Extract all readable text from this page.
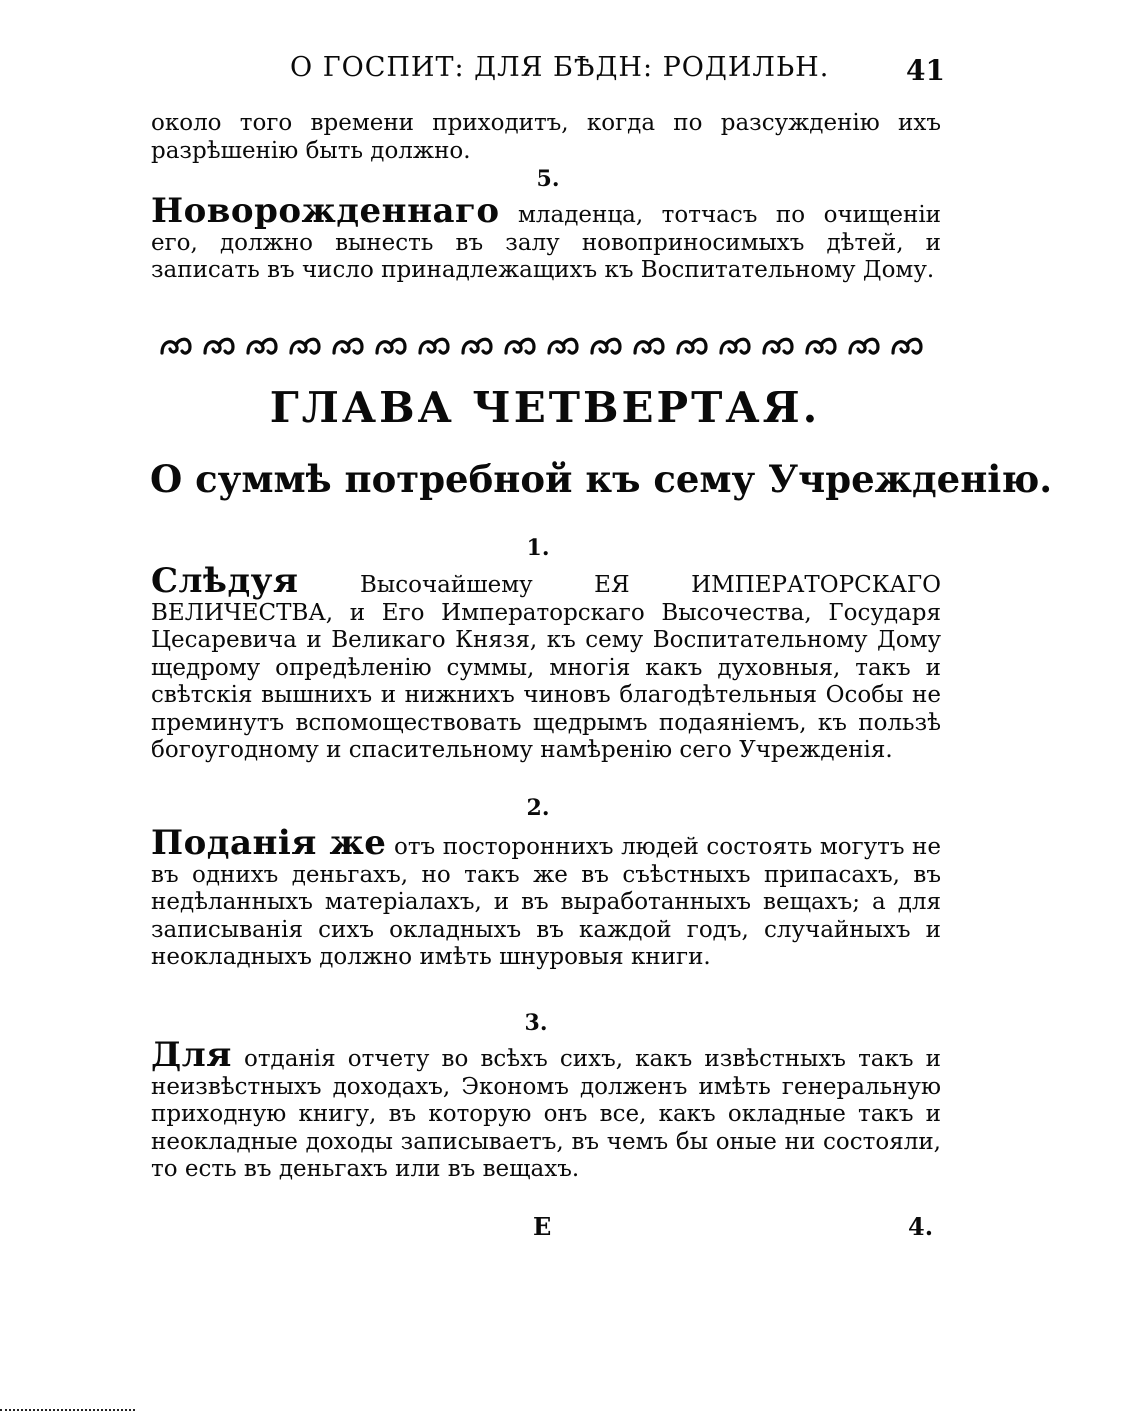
О ГОСПИТ: ДЛЯ БѢДН: РОДИЛЬН.	41
около того времени приходитъ, когда по разсужденію ихъ разрѣшенію быть должно.
5.
Новорожденнаго младенца, тотчасъ по очищеніи его, должно вынесть въ залу новоприносимыхъ дѣтей, и записать въ число принадлежащихъ къ Воспитательному Дому.
ГЛАВА ЧЕТВЕРТАЯ.
О суммѣ потребной къ сему Учрежденію.
1.
Слѣдуя Высочайшему ЕЯ ИМПЕРАТОРСКАГО ВЕЛИЧЕСТВА, и Его Императорскаго Высочества, Государя Цесаревича и Великаго Князя, къ сему Воспитательному Дому щедрому опредѣленію суммы, многія какъ духовныя, такъ и свѣтскія вышнихъ и нижнихъ чиновъ благодѣтельныя Особы не преминутъ вспомоществовать щедрымъ подаяніемъ, къ пользѣ богоугодному и спасительному намѣренію сего Учрежденія.
2.
Поданія же отъ постороннихъ людей состоять могутъ не въ однихъ деньгахъ, но такъ же въ съѣстныхъ припасахъ, въ недѣланныхъ матеріалахъ, и въ выработанныхъ вещахъ; а для записыванія сихъ окладныхъ въ каждой годъ, случайныхъ и неокладныхъ должно имѣть шнуровыя книги.
3.
Для отданія отчету во всѣхъ сихъ, какъ извѣстныхъ такъ и неизвѣстныхъ доходахъ, Экономъ долженъ имѣть генеральную приходную книгу, въ которую онъ все, какъ окладные такъ и неокладные доходы записываетъ, въ чемъ бы оные ни состояли, то есть въ деньгахъ или въ вещахъ.
E	4.
